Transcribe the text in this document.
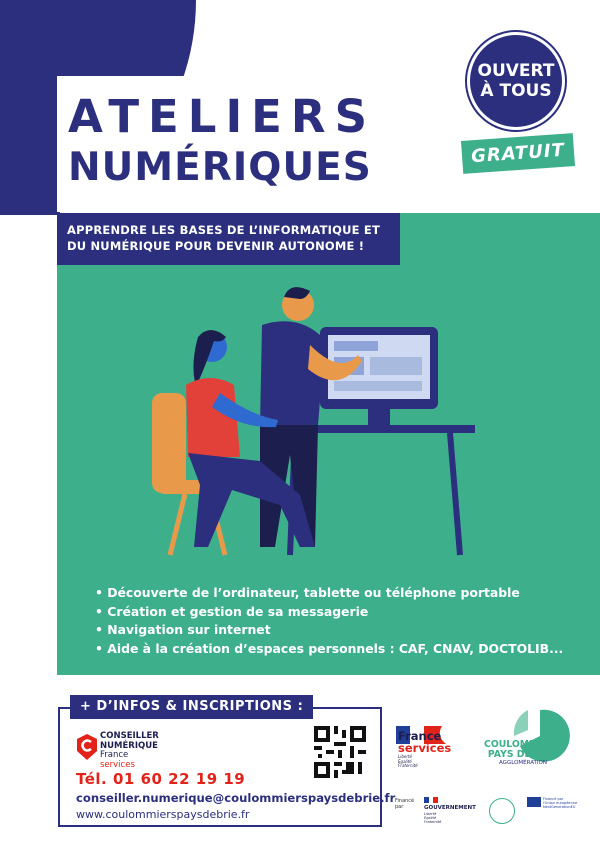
ATELIERS
NUMÉRIQUES
OUVERT
À TOUS
GRATUIT
APPRENDRE LES BASES DE L’INFORMATIQUE ET
DU NUMÉRIQUE POUR DEVENIR AUTONOME !
• Découverte de l’ordinateur, tablette ou téléphone portable
• Création et gestion de sa messagerie
• Navigation sur internet
• Aide à la création d’espaces personnels : CAF, CNAV, DOCTOLIB...
+ D’INFOS & INSCRIPTIONS :
CONSEILLER
NUMÉRIQUE
France
services
Tél. 01 60 22 19 19
conseiller.numerique@coulommierspaysdebrie.fr
www.coulommierspaysdebrie.fr
France
services
Liberté
Égalité
Fraternité
COULOMMIERS
PAYS DE BRIE
AGGLOMÉRATION
Financé
par	GOUVERNEMENT
Liberté
Égalité
Fraternité
Financé par
l'Union européenne
NextGenerationEU
